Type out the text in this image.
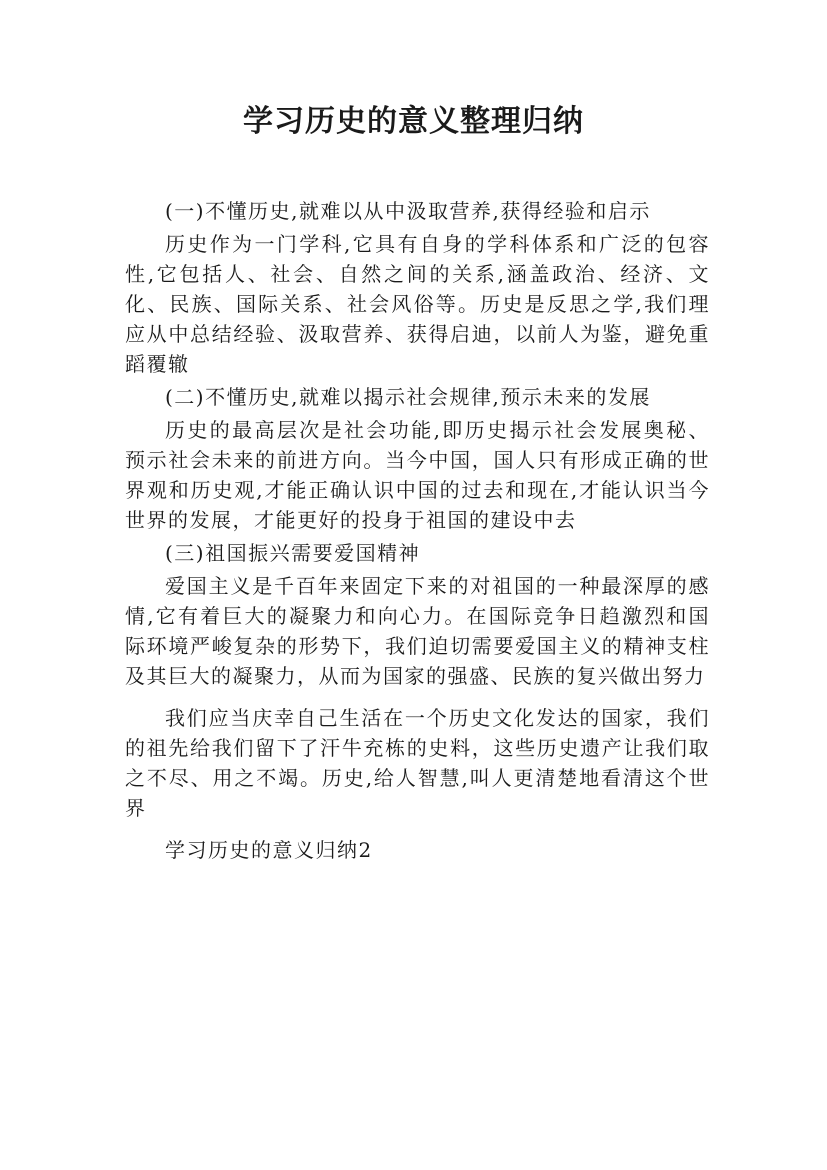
学习历史的意义整理归纳

(一)不懂历史,就难以从中汲取营养,获得经验和启示

历史作为一门学科,它具有自身的学科体系和广泛的包容性,它包括人、社会、自然之间的关系,涵盖政治、经济、文化、民族、国际关系、社会风俗等。历史是反思之学,我们理应从中总结经验、汲取营养、获得启迪，以前人为鉴，避免重蹈覆辙

(二)不懂历史,就难以揭示社会规律,预示未来的发展

历史的最高层次是社会功能,即历史揭示社会发展奥秘、预示社会未来的前进方向。当今中国，国人只有形成正确的世界观和历史观,才能正确认识中国的过去和现在,才能认识当今世界的发展，才能更好的投身于祖国的建设中去

(三)祖国振兴需要爱国精神

爱国主义是千百年来固定下来的对祖国的一种最深厚的感情,它有着巨大的凝聚力和向心力。在国际竞争日趋激烈和国际环境严峻复杂的形势下，我们迫切需要爱国主义的精神支柱及其巨大的凝聚力，从而为国家的强盛、民族的复兴做出努力

我们应当庆幸自己生活在一个历史文化发达的国家，我们的祖先给我们留下了汗牛充栋的史料，这些历史遗产让我们取之不尽、用之不竭。历史,给人智慧,叫人更清楚地看清这个世界

学习历史的意义归纳2
